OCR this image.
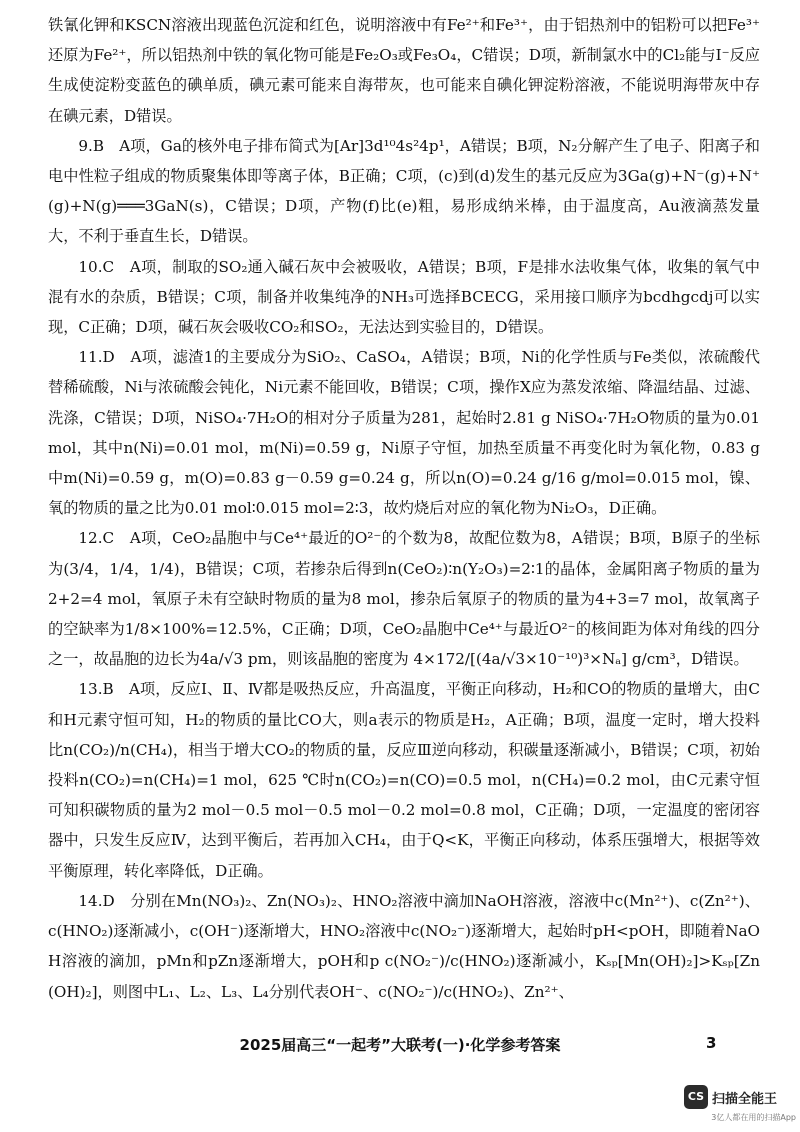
铁氰化钾和KSCN溶液出现蓝色沉淀和红色，说明溶液中有Fe²⁺和Fe³⁺，由于铝热剂中的铝粉可以把Fe³⁺还原为Fe²⁺，所以铝热剂中铁的氧化物可能是Fe₂O₃或Fe₃O₄，C错误；D项，新制氯水中的Cl₂能与I⁻反应生成使淀粉变蓝色的碘单质，碘元素可能来自海带灰，也可能来自碘化钾淀粉溶液，不能说明海带灰中存在碘元素，D错误。

9.B　A项，Ga的核外电子排布简式为[Ar]3d¹⁰4s²4p¹，A错误；B项，N₂分解产生了电子、阳离子和电中性粒子组成的物质聚集体即等离子体，B正确；C项，(c)到(d)发生的基元反应为3Ga(g)+N⁻(g)+N⁺(g)+N(g)═══3GaN(s)，C错误；D项，产物(f)比(e)粗，易形成纳米棒，由于温度高，Au液滴蒸发量大，不利于垂直生长，D错误。

10.C　A项，制取的SO₂通入碱石灰中会被吸收，A错误；B项，F是排水法收集气体，收集的氧气中混有水的杂质，B错误；C项，制备并收集纯净的NH₃可选择BCECG，采用接口顺序为bcdhgcdj可以实现，C正确；D项，碱石灰会吸收CO₂和SO₂，无法达到实验目的，D错误。

11.D　A项，滤渣1的主要成分为SiO₂、CaSO₄，A错误；B项，Ni的化学性质与Fe类似，浓硫酸代替稀硫酸，Ni与浓硫酸会钝化，Ni元素不能回收，B错误；C项，操作X应为蒸发浓缩、降温结晶、过滤、洗涤，C错误；D项，NiSO₄·7H₂O的相对分子质量为281，起始时2.81 g NiSO₄·7H₂O物质的量为0.01 mol，其中n(Ni)=0.01 mol，m(Ni)=0.59 g，Ni原子守恒，加热至质量不再变化时为氧化物，0.83 g中m(Ni)=0.59 g，m(O)=0.83 g－0.59 g=0.24 g，所以n(O)=0.24 g/16 g/mol=0.015 mol，镍、氧的物质的量之比为0.01 mol∶0.015 mol=2∶3，故灼烧后对应的氧化物为Ni₂O₃，D正确。

12.C　A项，CeO₂晶胞中与Ce⁴⁺最近的O²⁻的个数为8，故配位数为8，A错误；B项，B原子的坐标为(3/4，1/4，1/4)，B错误；C项，若掺杂后得到n(CeO₂)∶n(Y₂O₃)=2∶1的晶体，金属阳离子物质的量为2+2=4 mol，氧原子未有空缺时物质的量为8 mol，掺杂后氧原子的物质的量为4+3=7 mol，故氧离子的空缺率为1/8×100%=12.5%，C正确；D项，CeO₂晶胞中Ce⁴⁺与最近O²⁻的核间距为体对角线的四分之一，故晶胞的边长为4a/√3 pm，则该晶胞的密度为 4×172/[(4a/√3×10⁻¹⁰)³×Nₐ] g/cm³，D错误。

13.B　A项，反应Ⅰ、Ⅱ、Ⅳ都是吸热反应，升高温度，平衡正向移动，H₂和CO的物质的量增大，由C和H元素守恒可知，H₂的物质的量比CO大，则a表示的物质是H₂，A正确；B项，温度一定时，增大投料比n(CO₂)/n(CH₄)，相当于增大CO₂的物质的量，反应Ⅲ逆向移动，积碳量逐渐减小，B错误；C项，初始投料n(CO₂)=n(CH₄)=1 mol，625 ℃时n(CO₂)=n(CO)=0.5 mol，n(CH₄)=0.2 mol，由C元素守恒可知积碳物质的量为2 mol－0.5 mol－0.5 mol－0.2 mol=0.8 mol，C正确；D项，一定温度的密闭容器中，只发生反应Ⅳ，达到平衡后，若再加入CH₄，由于Q<K，平衡正向移动，体系压强增大，根据等效平衡原理，转化率降低，D正确。

14.D　分别在Mn(NO₃)₂、Zn(NO₃)₂、HNO₂溶液中滴加NaOH溶液，溶液中c(Mn²⁺)、c(Zn²⁺)、c(HNO₂)逐渐减小，c(OH⁻)逐渐增大，HNO₂溶液中c(NO₂⁻)逐渐增大，起始时pH<pOH，即随着NaOH溶液的滴加，pMn和pZn逐渐增大，pOH和p c(NO₂⁻)/c(HNO₂)逐渐减小，Kₛₚ[Mn(OH)₂]>Kₛₚ[Zn(OH)₂]，则图中L₁、L₂、L₃、L₄分别代表OH⁻、c(NO₂⁻)/c(HNO₂)、Zn²⁺、

2025届高三“一起考”大联考(一)·化学参考答案	3
CS 扫描全能王
3亿人都在用的扫描App
